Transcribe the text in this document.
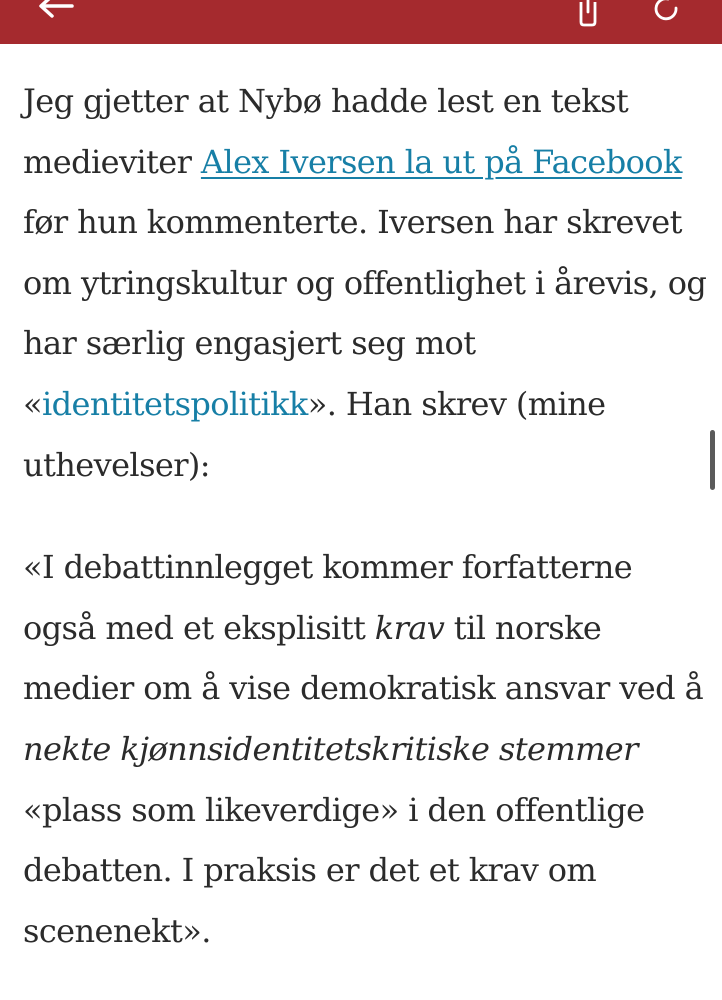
Jeg gjetter at Nybø hadde lest en tekst medieviter Alex Iversen la ut på Facebook før hun kommenterte. Iversen har skrevet om ytringskultur og offentlighet i årevis, og har særlig engasjert seg mot «identitetspolitikk». Han skrev (mine uthevelser):

«I debattinnlegget kommer forfatterne også med et eksplisitt krav til norske medier om å vise demokratisk ansvar ved å nekte kjønnsidentitetskritiske stemmer «plass som likeverdige» i den offentlige debatten. I praksis er det et krav om scenenekt».
